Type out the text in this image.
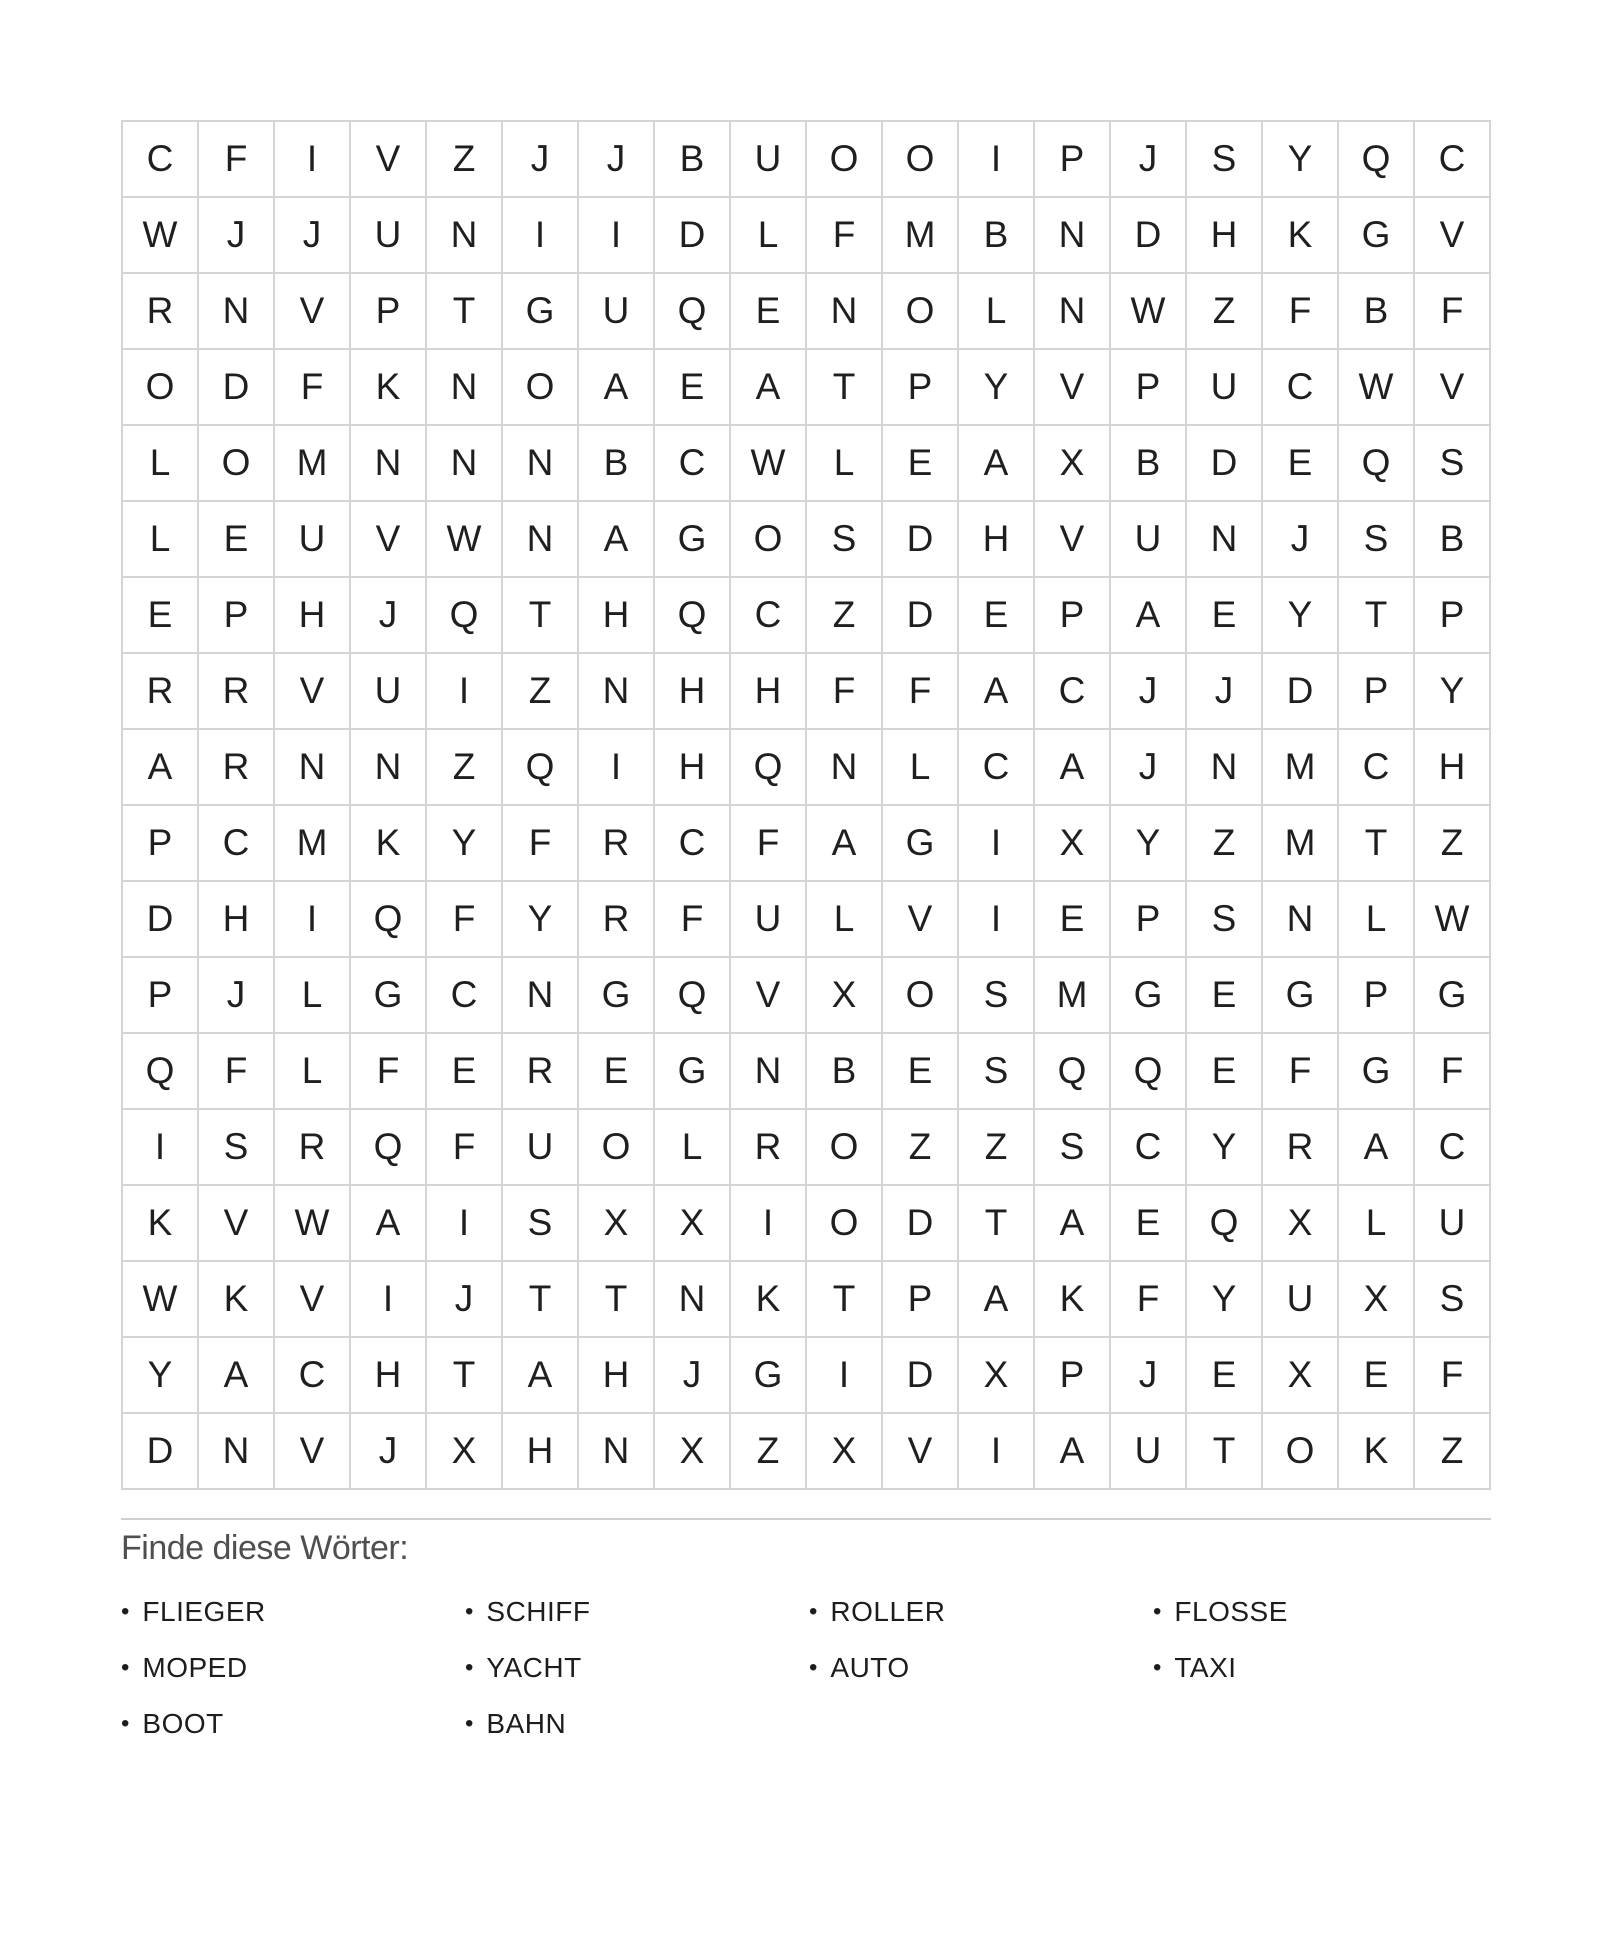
C	F	I	V	Z	J	J	B	U	O	O	I	P	J	S	Y	Q	C
W	J	J	U	N	I	I	D	L	F	M	B	N	D	H	K	G	V
R	N	V	P	T	G	U	Q	E	N	O	L	N	W	Z	F	B	F
O	D	F	K	N	O	A	E	A	T	P	Y	V	P	U	C	W	V
L	O	M	N	N	N	B	C	W	L	E	A	X	B	D	E	Q	S
L	E	U	V	W	N	A	G	O	S	D	H	V	U	N	J	S	B
E	P	H	J	Q	T	H	Q	C	Z	D	E	P	A	E	Y	T	P
R	R	V	U	I	Z	N	H	H	F	F	A	C	J	J	D	P	Y
A	R	N	N	Z	Q	I	H	Q	N	L	C	A	J	N	M	C	H
P	C	M	K	Y	F	R	C	F	A	G	I	X	Y	Z	M	T	Z
D	H	I	Q	F	Y	R	F	U	L	V	I	E	P	S	N	L	W
P	J	L	G	C	N	G	Q	V	X	O	S	M	G	E	G	P	G
Q	F	L	F	E	R	E	G	N	B	E	S	Q	Q	E	F	G	F
I	S	R	Q	F	U	O	L	R	O	Z	Z	S	C	Y	R	A	C
K	V	W	A	I	S	X	X	I	O	D	T	A	E	Q	X	L	U
W	K	V	I	J	T	T	N	K	T	P	A	K	F	Y	U	X	S
Y	A	C	H	T	A	H	J	G	I	D	X	P	J	E	X	E	F
D	N	V	J	X	H	N	X	Z	X	V	I	A	U	T	O	K	Z
Finde diese Wörter:
• FLIEGER	• SCHIFF	• ROLLER	• FLOSSE
• MOPED	• YACHT	• AUTO	• TAXI
• BOOT	• BAHN
